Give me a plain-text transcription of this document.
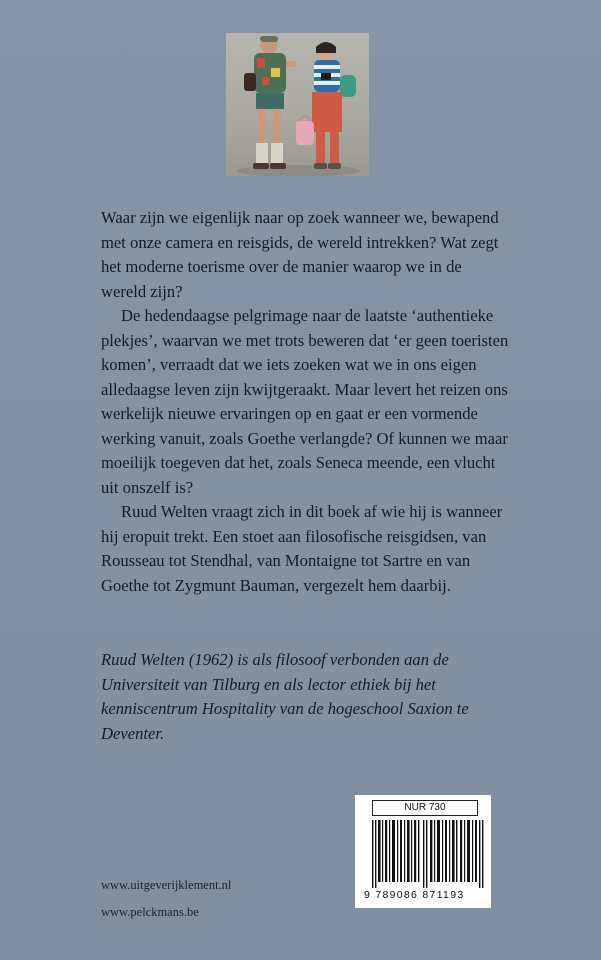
Waar zijn we eigenlijk naar op zoek wanneer we, bewapend met onze camera en reisgids, de wereld intrekken? Wat zegt het moderne toerisme over de manier waarop we in de wereld zijn?

De hedendaagse pelgrimage naar de laatste ‘authentieke plekjes’, waarvan we met trots beweren dat ‘er geen toeristen komen’, verraadt dat we iets zoeken wat we in ons eigen alledaagse leven zijn kwijtgeraakt. Maar levert het reizen ons werkelijk nieuwe ervaringen op en gaat er een vormende werking vanuit, zoals Goethe verlangde? Of kunnen we maar moeilijk toegeven dat het, zoals Seneca meende, een vlucht uit onszelf is?

Ruud Welten vraagt zich in dit boek af wie hij is wanneer hij eropuit trekt. Een stoet aan filosofische reisgidsen, van Rousseau tot Stendhal, van Montaigne tot Sartre en van Goethe tot Zygmunt Bauman, vergezelt hem daarbij.

Ruud Welten (1962) is als filosoof verbonden aan de Universiteit van Tilburg en als lector ethiek bij het kenniscentrum Hospitality van de hogeschool Saxion te Deventer.
NUR 730
9 789086 871193
www.uitgeverijklement.nl
www.pelckmans.be
